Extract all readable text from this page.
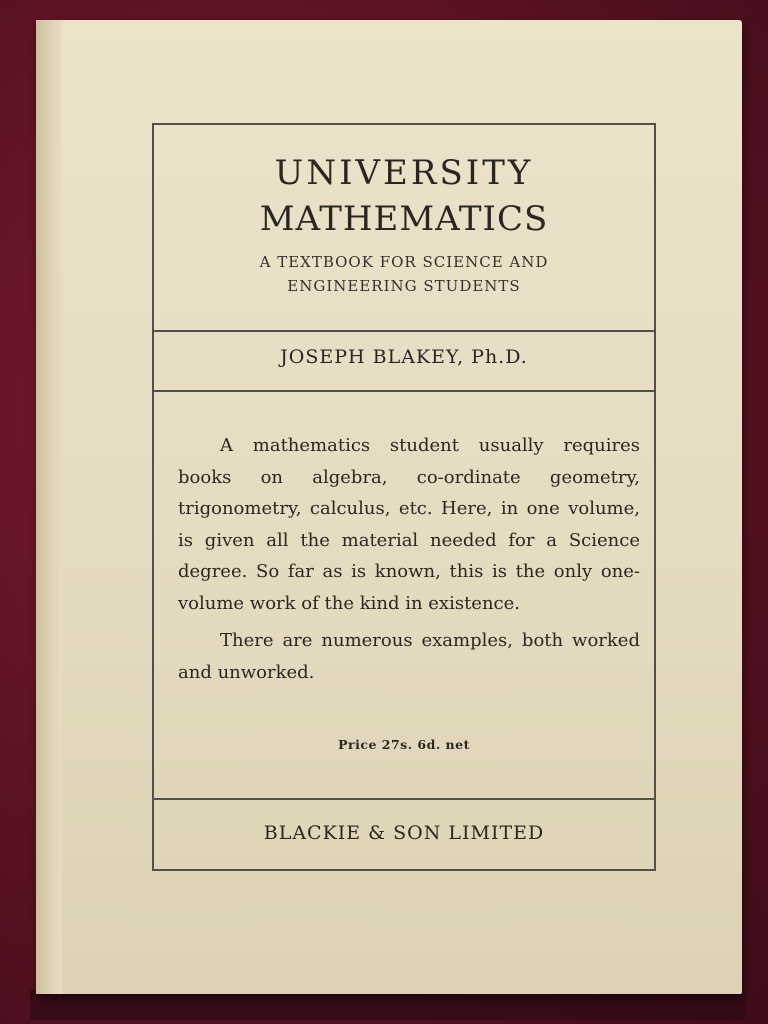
UNIVERSITY
MATHEMATICS
A TEXTBOOK FOR SCIENCE AND
ENGINEERING STUDENTS
JOSEPH BLAKEY, Ph.D.

A mathematics student usually requires books on algebra, co-ordinate geometry, trigonometry, calculus, etc. Here, in one volume, is given all the material needed for a Science degree. So far as is known, this is the only one-volume work of the kind in existence.

There are numerous examples, both worked and unworked.

Price 27s. 6d. net
BLACKIE & SON LIMITED
